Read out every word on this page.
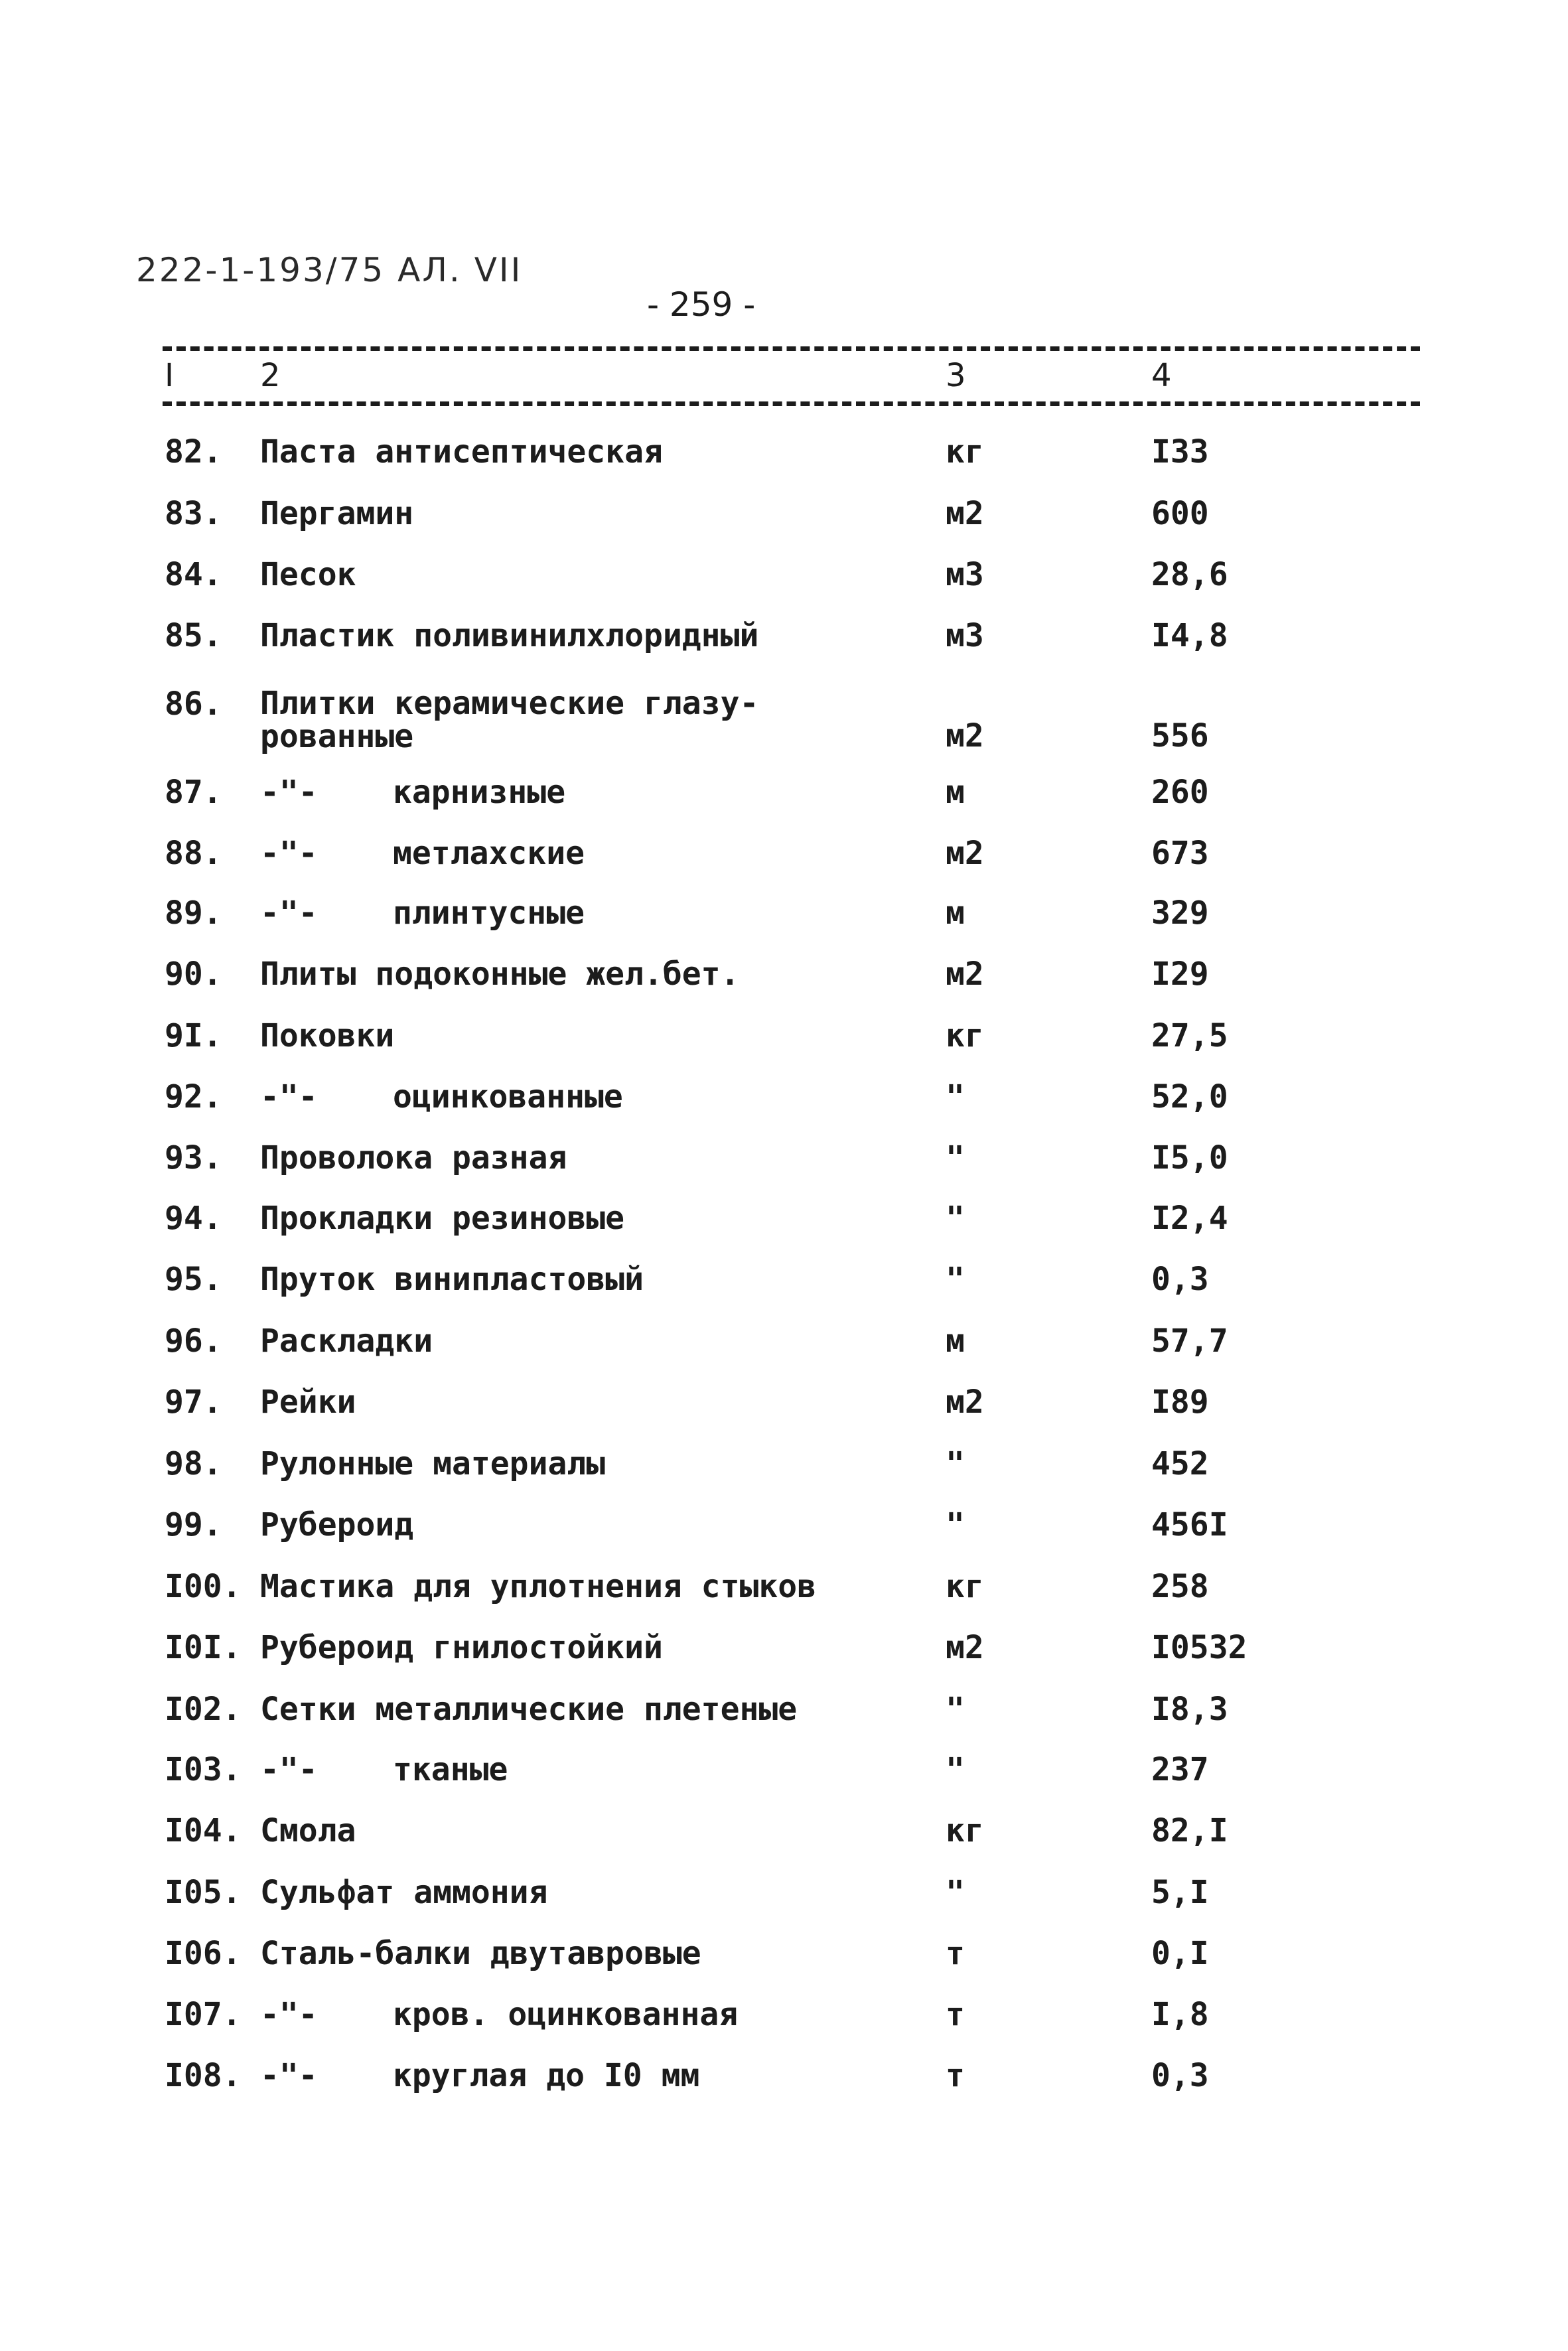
222-1-193/75 АЛ. VII
- 259 -
I	2	3	4
82. Паста антисептическая	кг	I33
83. Пергамин	м2	600
84. Песок	м3	28,6
85. Пластик поливинилхлоридный	м3	I4,8
86. Плитки керамические глазу-
рованные	м2	556
87. -"- карнизные	м	260
88. -"- метлахские	м2	673
89. -"- плинтусные	м	329
90. Плиты подоконные жел.бет.	м2	I29
9I. Поковки	кг	27,5
92. -"- оцинкованные	"	52,0
93. Проволока разная	"	I5,0
94. Прокладки резиновые	"	I2,4
95. Пруток винипластовый	"	0,3
96. Раскладки	м	57,7
97. Рейки	м2	I89
98. Рулонные материалы	"	452
99. Рубероид	"	456I
I00. Мастика для уплотнения стыков	кг	258
I0I. Рубероид гнилостойкий	м2	I0532
I02. Сетки металлические плетеные	"	I8,3
I03. -"- тканые	"	237
I04. Смола	кг	82,I
I05. Сульфат аммония	"	5,I
I06. Сталь-балки двутавровые	т	0,I
I07. -"- кров. оцинкованная	т	I,8
I08. -"- круглая до I0 мм	т	0,3
